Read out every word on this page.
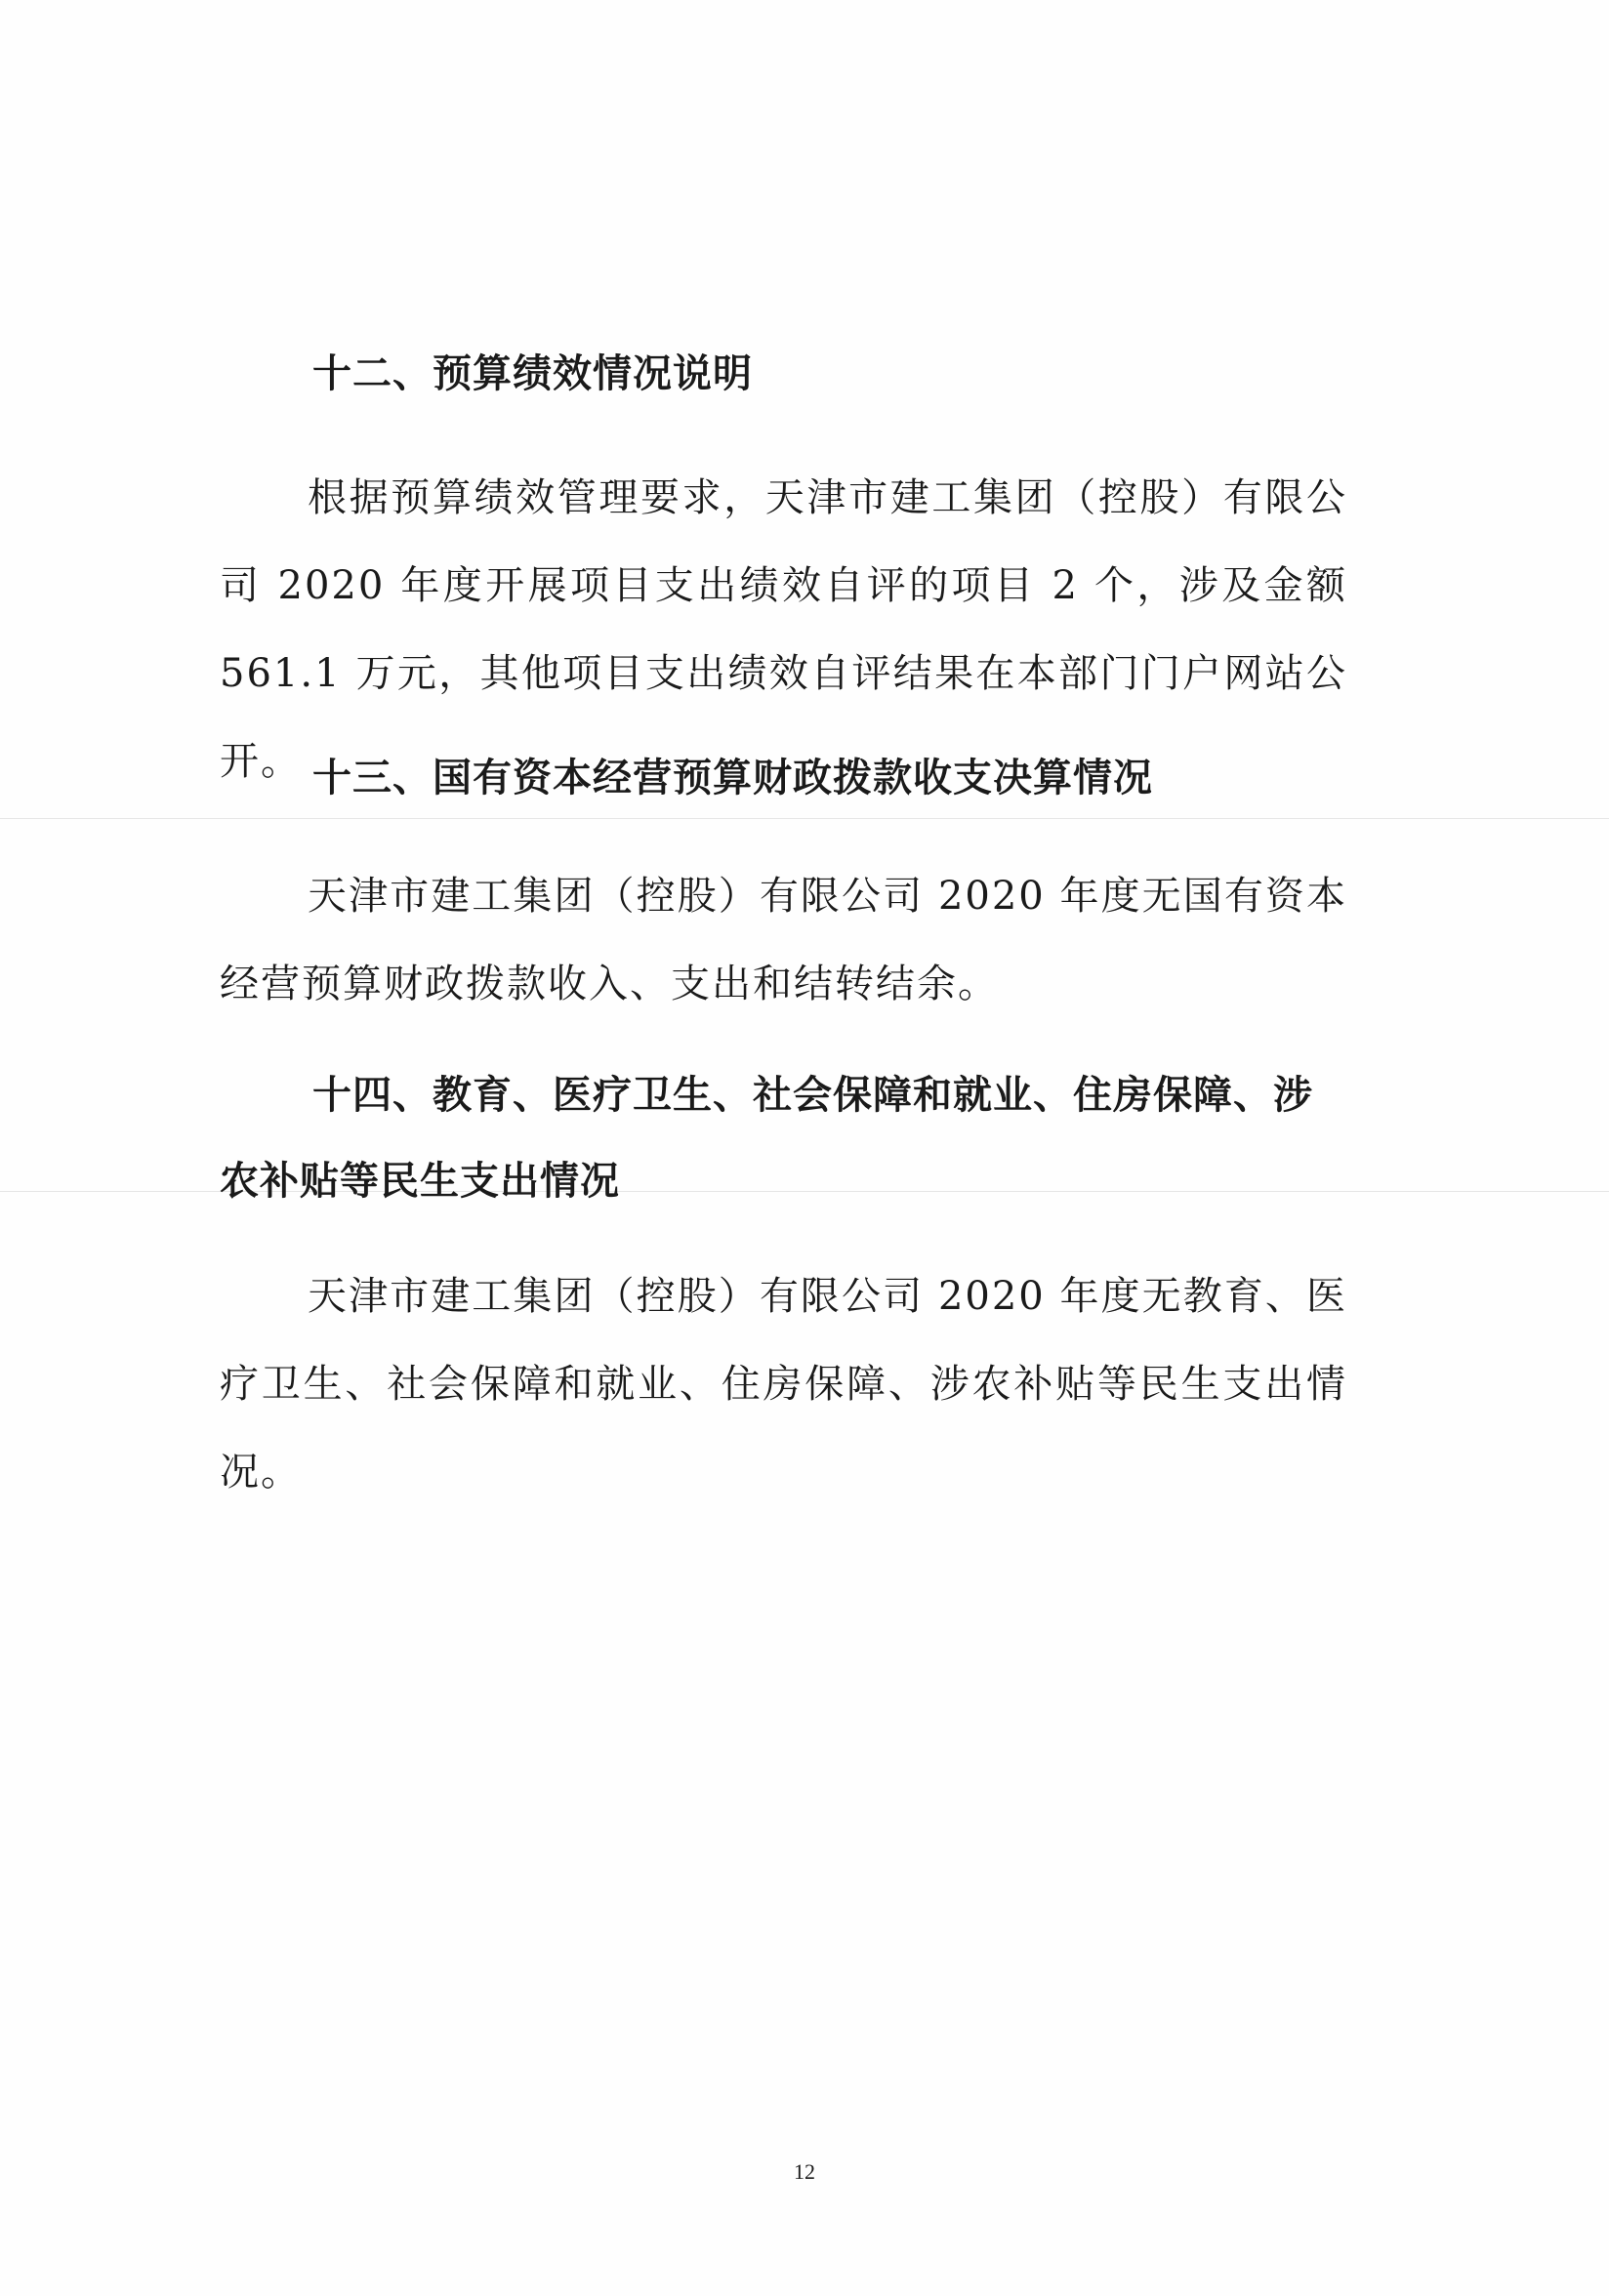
十二、预算绩效情况说明
根据预算绩效管理要求，天津市建工集团（控股）有限公司 2020 年度开展项目支出绩效自评的项目 2 个，涉及金额 561.1 万元，其他项目支出绩效自评结果在本部门门户网站公开。 十三、国有资本经营预算财政拨款收支决算情况
天津市建工集团（控股）有限公司 2020 年度无国有资本经营预算财政拨款收入、支出和结转结余。
十四、教育、医疗卫生、社会保障和就业、住房保障、涉农补贴等民生支出情况
天津市建工集团（控股）有限公司 2020 年度无教育、医疗卫生、社会保障和就业、住房保障、涉农补贴等民生支出情况。
12
